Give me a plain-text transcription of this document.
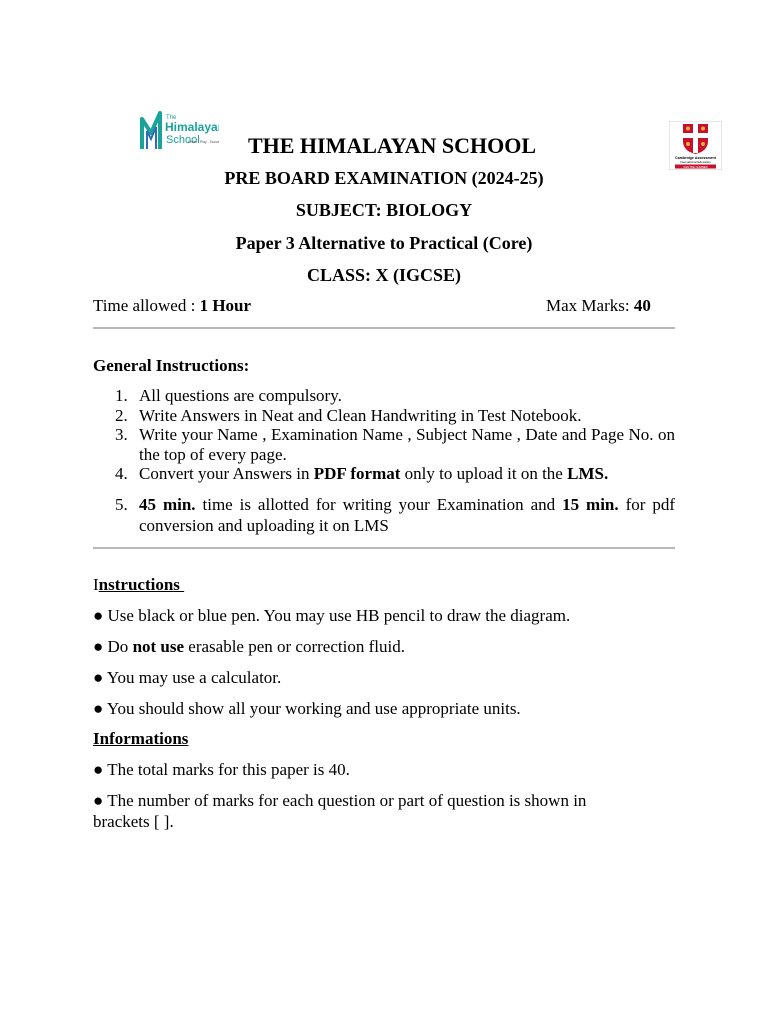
The
Himalaya
School
Learn . Play . Succe
Cambridge Assessment
International Education
CENTRE NUMBER
THE HIMALAYAN SCHOOL
PRE BOARD EXAMINATION (2024-25)
SUBJECT: BIOLOGY
Paper 3 Alternative to Practical (Core)
CLASS: X (IGCSE)
Time allowed : 1 Hour	Max Marks: 40
General Instructions:
1. All questions are compulsory.
2. Write Answers in Neat and Clean Handwriting in Test Notebook.
3. Write your Name , Examination Name , Subject Name , Date and Page No. on the top of every page.
4. Convert your Answers in PDF format only to upload it on the LMS.
5. 45 min. time is allotted for writing your Examination and 15 min. for pdf conversion and uploading it on LMS
Instructions
● Use black or blue pen. You may use HB pencil to draw the diagram.
● Do not use erasable pen or correction fluid.
● You may use a calculator.
● You should show all your working and use appropriate units.
Informations
● The total marks for this paper is 40.
● The number of marks for each question or part of question is shown in brackets [ ].
